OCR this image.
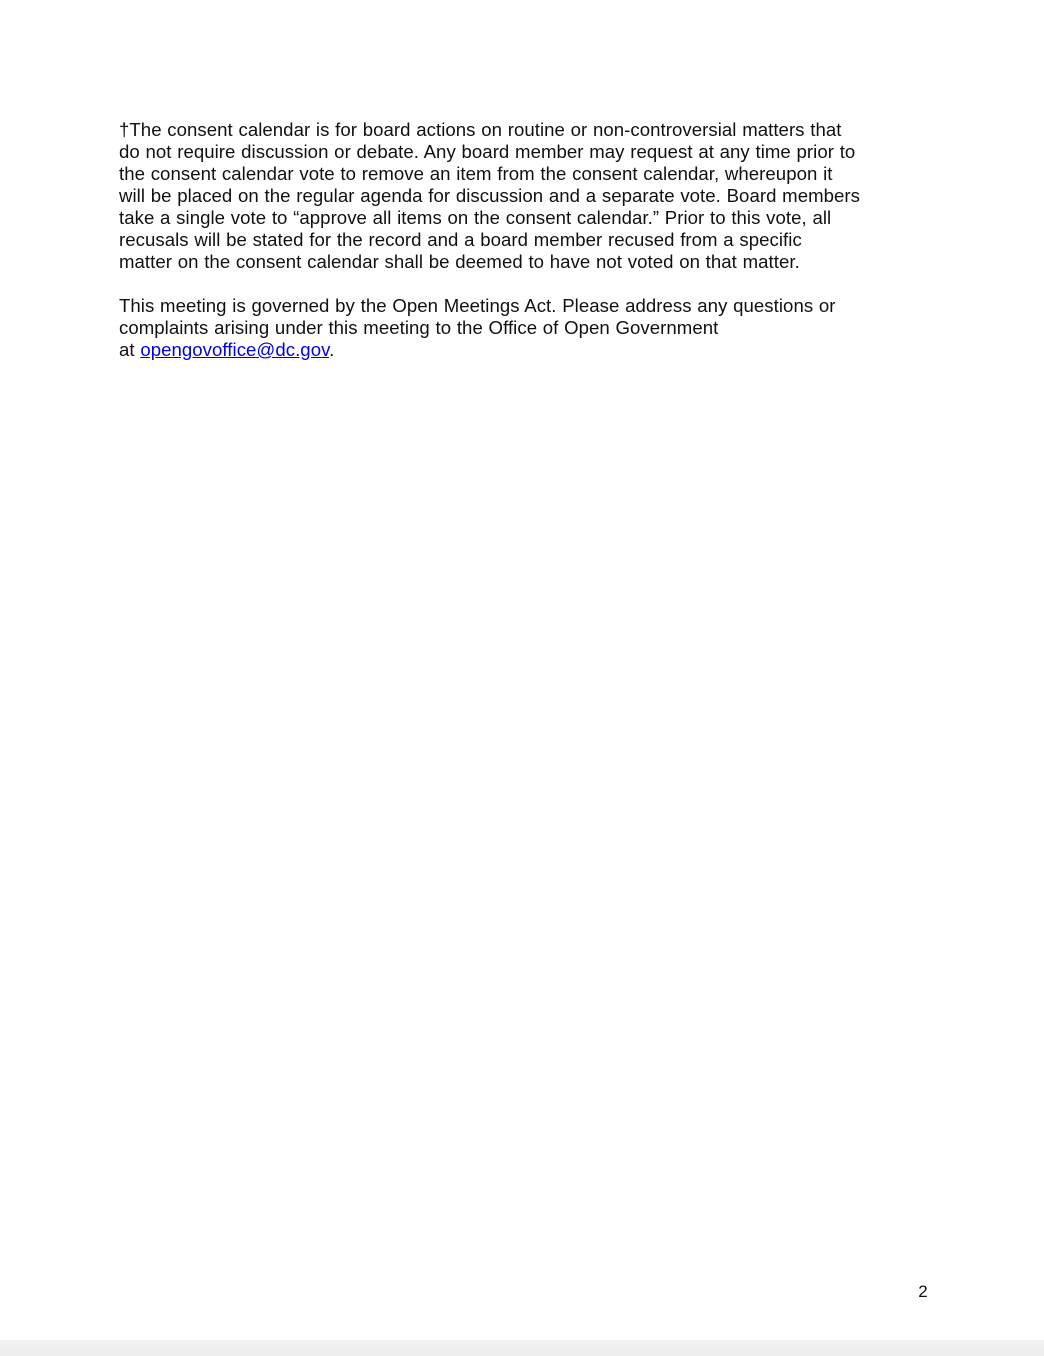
†The consent calendar is for board actions on routine or non-controversial matters that
do not require discussion or debate. Any board member may request at any time prior to
the consent calendar vote to remove an item from the consent calendar, whereupon it
will be placed on the regular agenda for discussion and a separate vote. Board members
take a single vote to “approve all items on the consent calendar.” Prior to this vote, all
recusals will be stated for the record and a board member recused from a specific
matter on the consent calendar shall be deemed to have not voted on that matter.

This meeting is governed by the Open Meetings Act. Please address any questions or
complaints arising under this meeting to the Office of Open Government
at opengovoffice@dc.gov.

2
